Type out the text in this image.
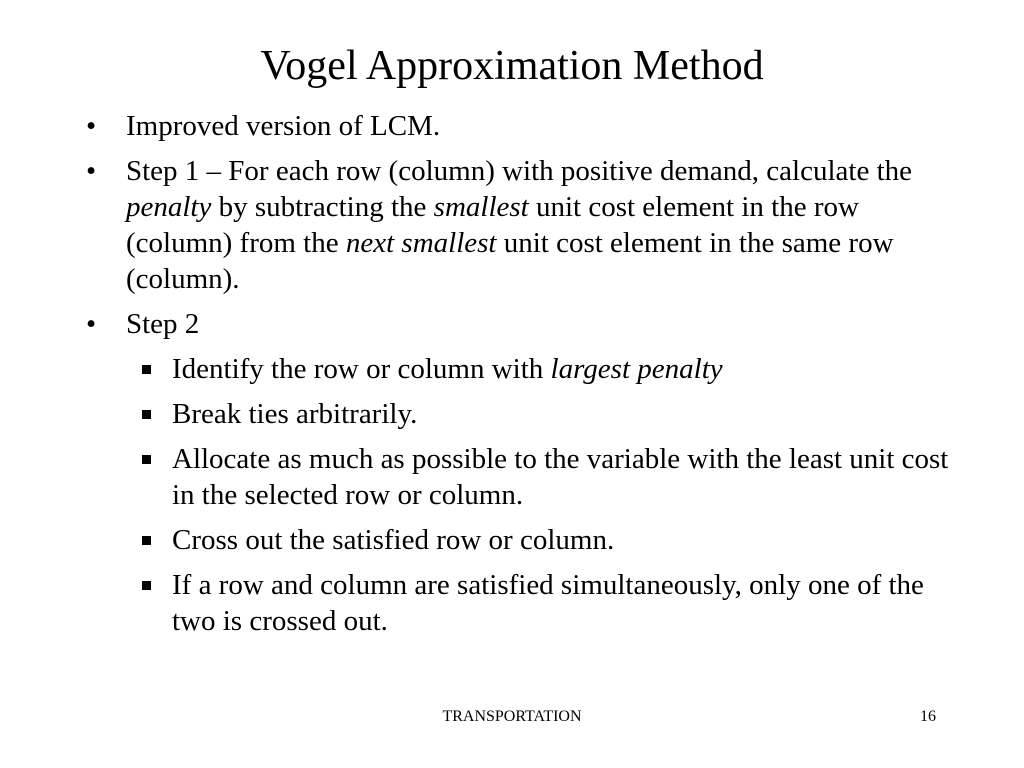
Vogel Approximation Method
• Improved version of LCM.
• Step 1 – For each row (column) with positive demand, calculate the penalty by subtracting the smallest unit cost element in the row (column) from the next smallest unit cost element in the same row (column).
• Step 2
Identify the row or column with largest penalty
Break ties arbitrarily.
Allocate as much as possible to the variable with the least unit cost in the selected row or column.
Cross out the satisfied row or column.
If a row and column are satisfied simultaneously, only one of the two is crossed out.
TRANSPORTATION	16
